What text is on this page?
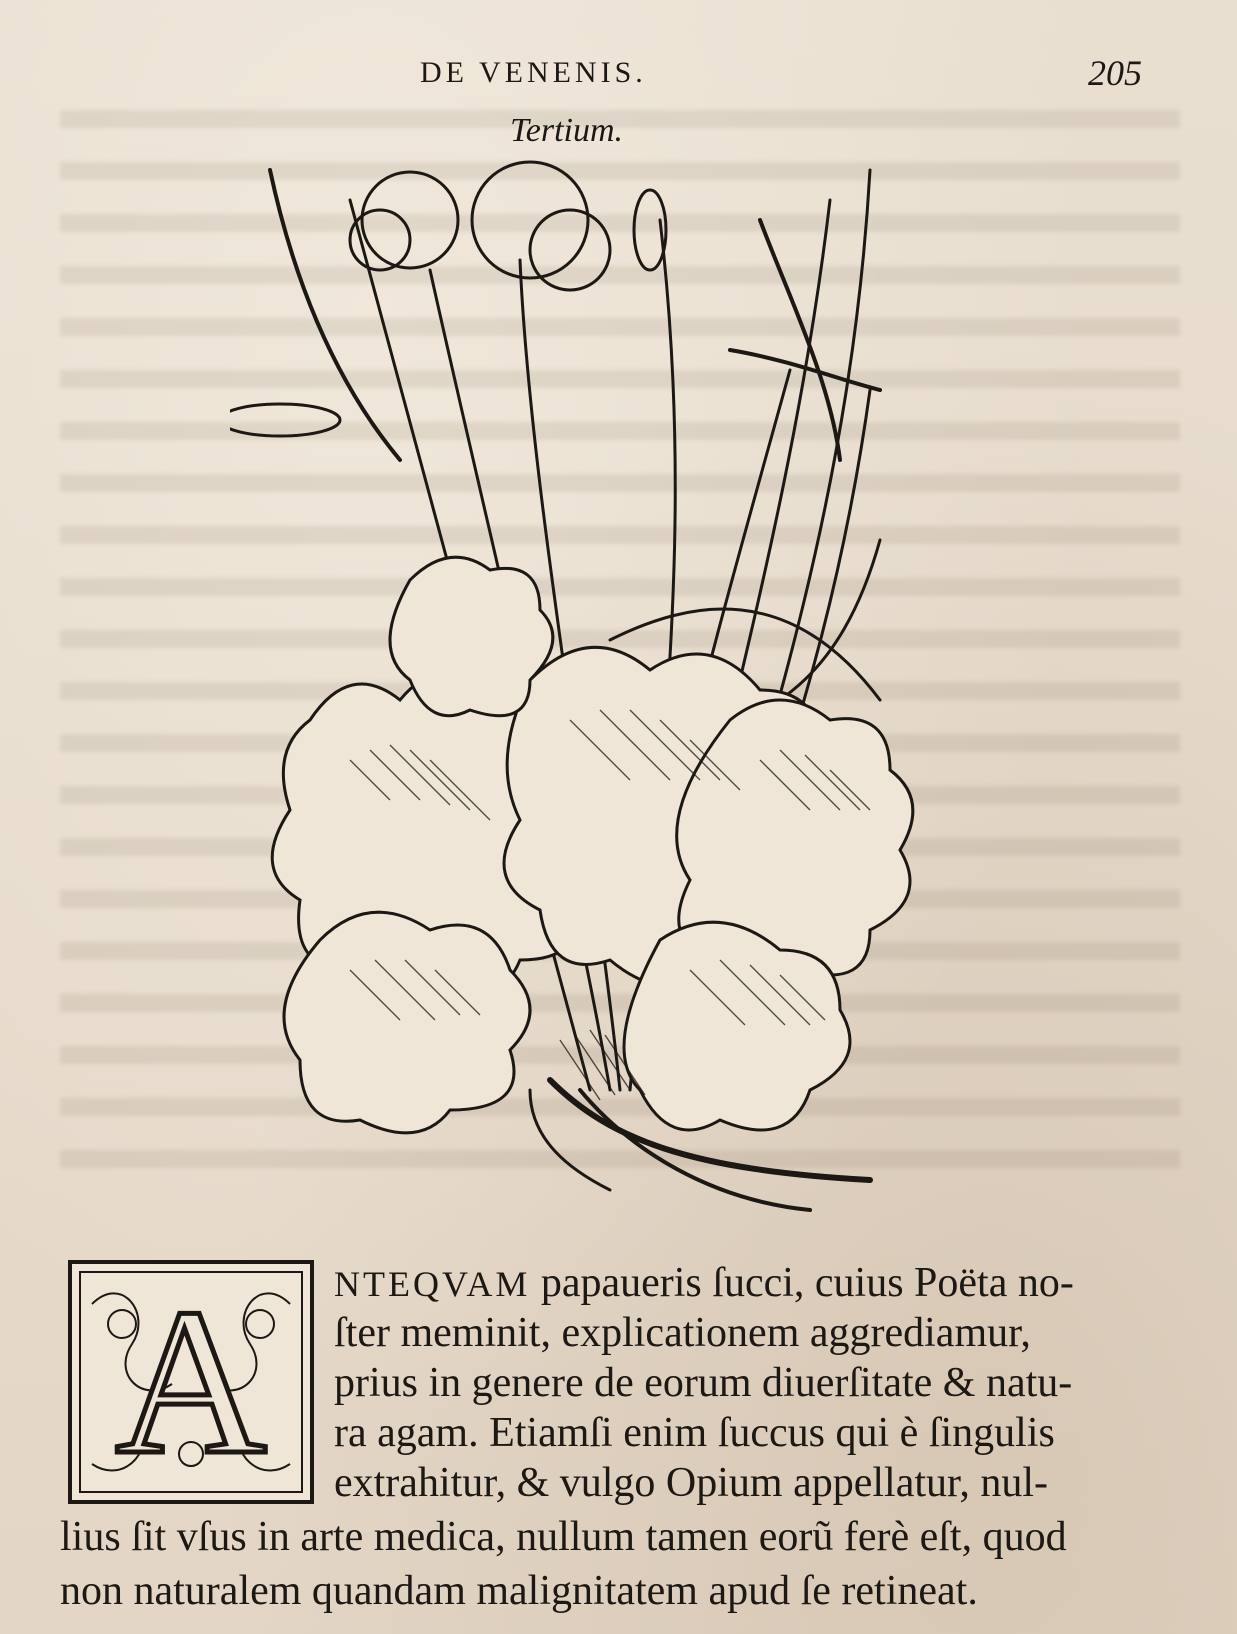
DE VENENIS.	205
Tertium.
A	NTEQVAM papaueris ſucci, cuius Poëta no-
ſter meminit, explicationem aggrediamur,
prius in genere de eorum diuerſitate & natu-
ra agam. Etiamſi enim ſuccus qui è ſingulis
extrahitur, & vulgo Opium appellatur, nul-
lius ſit vſus in arte medica, nullum tamen eorũ ferè eſt, quod
non naturalem quandam malignitatem apud ſe retineat.
